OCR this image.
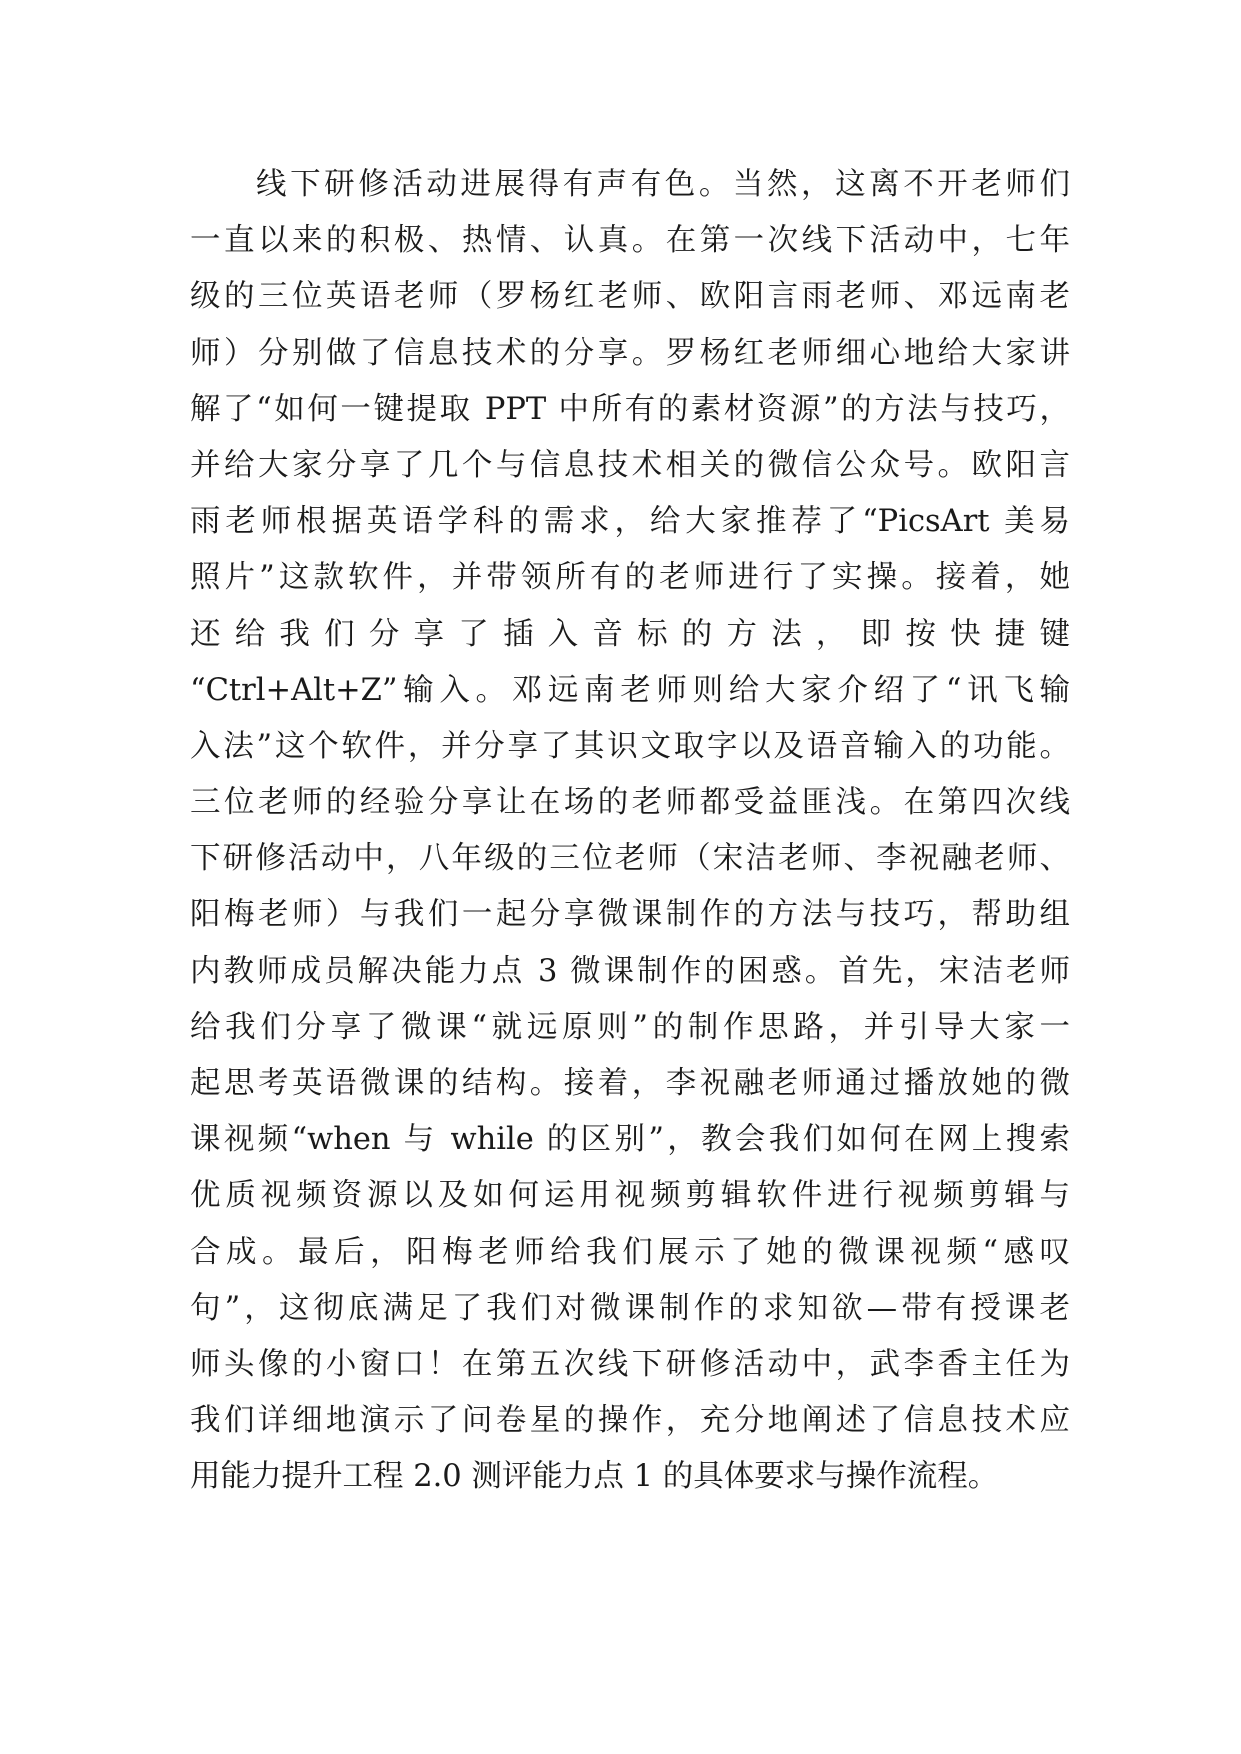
线下研修活动进展得有声有色。当然，这离不开老师们
一直以来的积极、热情、认真。在第一次线下活动中，七年
级的三位英语老师（罗杨红老师、欧阳言雨老师、邓远南老
师）分别做了信息技术的分享。罗杨红老师细心地给大家讲
解了“如何一键提取 PPT 中所有的素材资源”的方法与技巧，
并给大家分享了几个与信息技术相关的微信公众号。欧阳言
雨老师根据英语学科的需求，给大家推荐了“PicsArt 美易
照片”这款软件，并带领所有的老师进行了实操。接着，她
还 给 我 们 分 享 了 插 入 音 标 的 方 法 ， 即 按 快 捷 键
“Ctrl+Alt+Z”输入。邓远南老师则给大家介绍了“讯飞输
入法”这个软件，并分享了其识文取字以及语音输入的功能。
三位老师的经验分享让在场的老师都受益匪浅。在第四次线
下研修活动中，八年级的三位老师（宋洁老师、李祝融老师、
阳梅老师）与我们一起分享微课制作的方法与技巧，帮助组
内教师成员解决能力点 3 微课制作的困惑。首先，宋洁老师
给我们分享了微课“就远原则”的制作思路，并引导大家一
起思考英语微课的结构。接着，李祝融老师通过播放她的微
课视频“when 与 while 的区别”，教会我们如何在网上搜索
优质视频资源以及如何运用视频剪辑软件进行视频剪辑与
合成。最后，阳梅老师给我们展示了她的微课视频“感叹
句”，这彻底满足了我们对微课制作的求知欲—带有授课老
师头像的小窗口！在第五次线下研修活动中，武李香主任为
我们详细地演示了问卷星的操作，充分地阐述了信息技术应
用能力提升工程 2.0 测评能力点 1 的具体要求与操作流程。
